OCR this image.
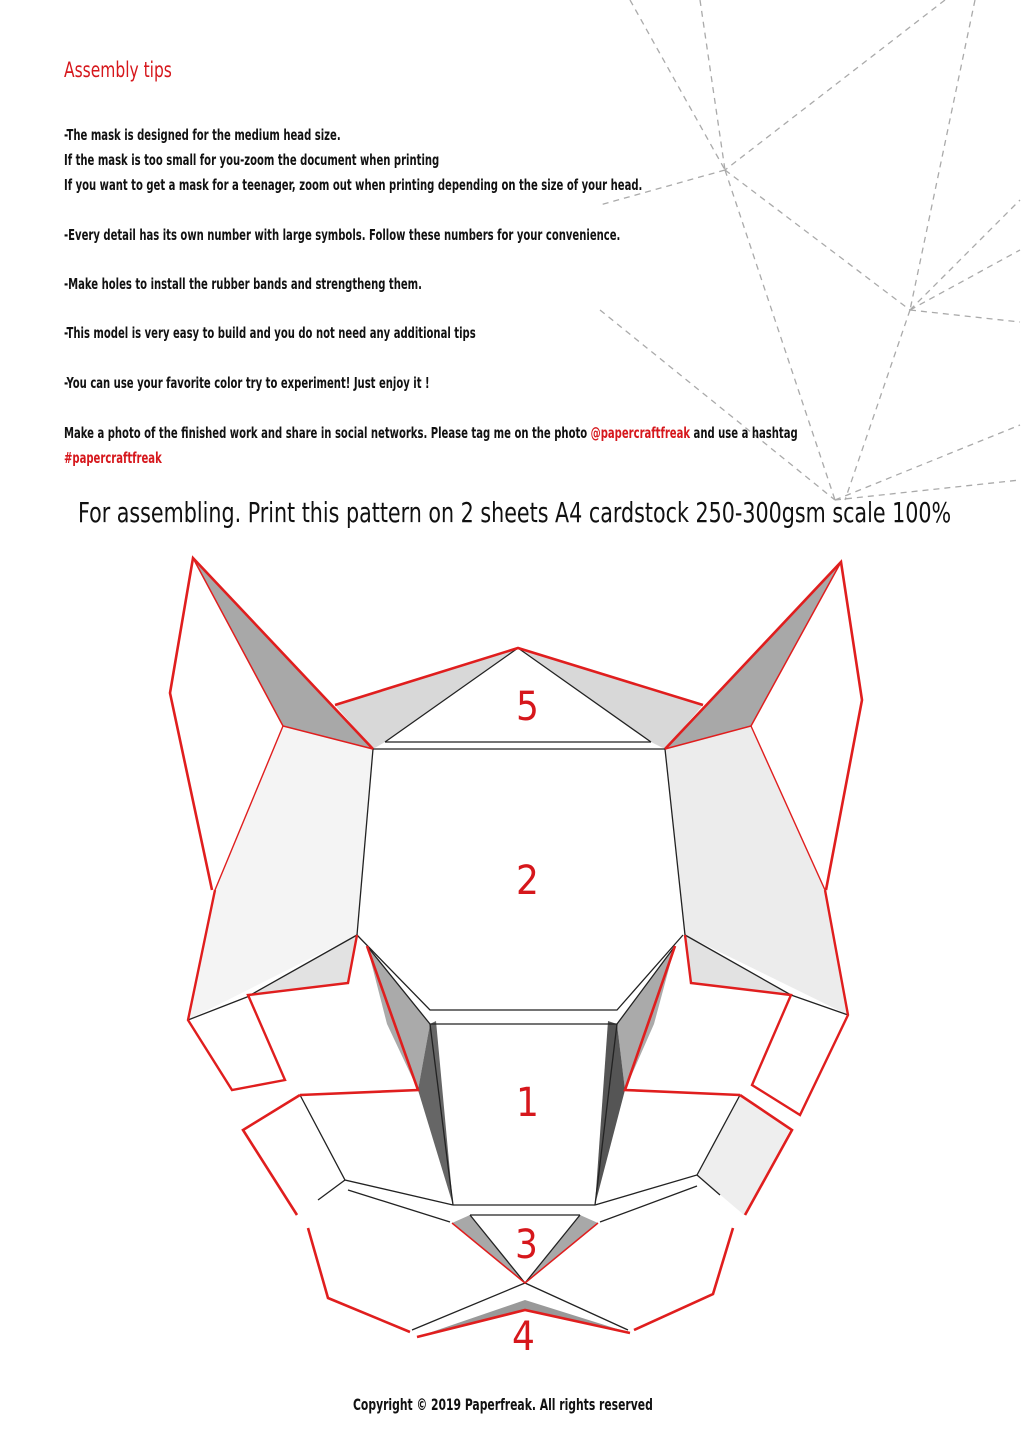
Assembly tips
-The mask is designed for the medium head size.
If the mask is too small for you-zoom the document when printing
If you want to get a mask for a teenager, zoom out when printing depending on the size of your head.
-Every detail has its own number with large symbols. Follow these numbers for your convenience.
-Make holes to install the rubber bands and strengtheng them.
-This model is very easy to build and you do not need any additional tips
-You can use your favorite color try to experiment! Just enjoy it !
Make a photo of the finished work and share in social networks. Please tag me on the photo @papercraftfreak and use a hashtag
#papercraftfreak
For assembling. Print this pattern on 2 sheets A4 cardstock 250-300gsm scale 100%
5
2
1
3
4
Copyright © 2019 Paperfreak. All rights reserved
